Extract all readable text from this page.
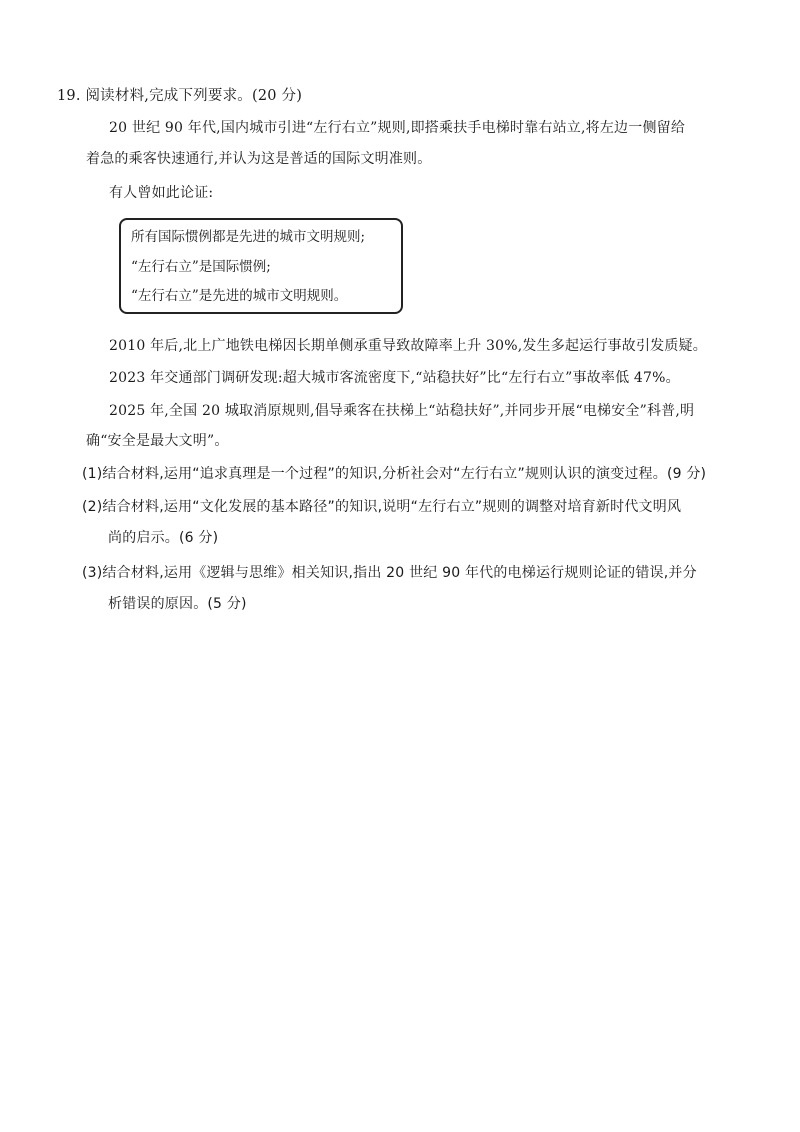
19. 阅读材料,完成下列要求。(20 分)
20 世纪 90 年代,国内城市引进“左行右立”规则,即搭乘扶手电梯时靠右站立,将左边一侧留给
着急的乘客快速通行,并认为这是普适的国际文明准则。
有人曾如此论证:
所有国际惯例都是先进的城市文明规则;
“左行右立”是国际惯例;
“左行右立”是先进的城市文明规则。
2010 年后,北上广地铁电梯因长期单侧承重导致故障率上升 30%,发生多起运行事故引发质疑。
2023 年交通部门调研发现:超大城市客流密度下,“站稳扶好”比“左行右立”事故率低 47%。
2025 年,全国 20 城取消原规则,倡导乘客在扶梯上“站稳扶好”,并同步开展“电梯安全”科普,明
确“安全是最大文明”。
(1)结合材料,运用“追求真理是一个过程”的知识,分析社会对“左行右立”规则认识的演变过程。(9 分)
(2)结合材料,运用“文化发展的基本路径”的知识,说明“左行右立”规则的调整对培育新时代文明风
尚的启示。(6 分)
(3)结合材料,运用《逻辑与思维》相关知识,指出 20 世纪 90 年代的电梯运行规则论证的错误,并分
析错误的原因。(5 分)
